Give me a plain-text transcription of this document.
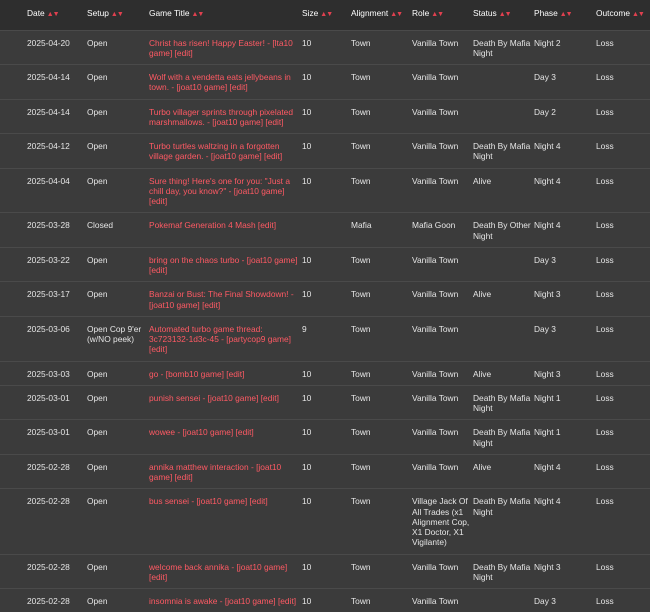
Date ▲▼	Setup ▲▼	Game Title ▲▼	Size ▲▼	Alignment ▲▼	Role ▲▼	Status ▲▼	Phase ▲▼	Outcome ▲▼
2025-04-20	Open	Christ has risen! Happy Easter! - [lta10 game] [edit]	10	Town	Vanilla Town	Death By Mafia Night	Night 2	Loss
2025-04-14	Open	Wolf with a vendetta eats jellybeans in town. - [joat10 game] [edit]	10	Town	Vanilla Town		Day 3	Loss
2025-04-14	Open	Turbo villager sprints through pixelated marshmallows. - [joat10 game] [edit]	10	Town	Vanilla Town		Day 2	Loss
2025-04-12	Open	Turbo turtles waltzing in a forgotten village garden. - [joat10 game] [edit]	10	Town	Vanilla Town	Death By Mafia Night	Night 4	Loss
2025-04-04	Open	Sure thing! Here's one for you: "Just a chill day, you know?" - [joat10 game] [edit]	10	Town	Vanilla Town	Alive	Night 4	Loss
2025-03-28	Closed	Pokemaf Generation 4 Mash [edit]		Mafia	Mafia Goon	Death By Other Night	Night 4	Loss
2025-03-22	Open	bring on the chaos turbo - [joat10 game] [edit]	10	Town	Vanilla Town		Day 3	Loss
2025-03-17	Open	Banzai or Bust: The Final Showdown! - [joat10 game] [edit]	10	Town	Vanilla Town	Alive	Night 3	Loss
2025-03-06	Open Cop 9'er (w/NO peek)	Automated turbo game thread: 3c723132-1d3c-45 - [partycop9 game] [edit]	9	Town	Vanilla Town		Day 3	Loss
2025-03-03	Open	go - [bomb10 game] [edit]	10	Town	Vanilla Town	Alive	Night 3	Loss
2025-03-01	Open	punish sensei - [joat10 game] [edit]	10	Town	Vanilla Town	Death By Mafia Night	Night 1	Loss
2025-03-01	Open	wowee - [joat10 game] [edit]	10	Town	Vanilla Town	Death By Mafia Night	Night 1	Loss
2025-02-28	Open	annika matthew interaction - [joat10 game] [edit]	10	Town	Vanilla Town	Alive	Night 4	Loss
2025-02-28	Open	bus sensei - [joat10 game] [edit]	10	Town	Village Jack Of All Trades (x1 Alignment Cop, X1 Doctor, X1 Vigilante)	Death By Mafia Night	Night 4	Loss
2025-02-28	Open	welcome back annika - [joat10 game] [edit]	10	Town	Vanilla Town	Death By Mafia Night	Night 3	Loss
2025-02-28	Open	insomnia is awake - [joat10 game] [edit]	10	Town	Vanilla Town		Day 3	Loss
